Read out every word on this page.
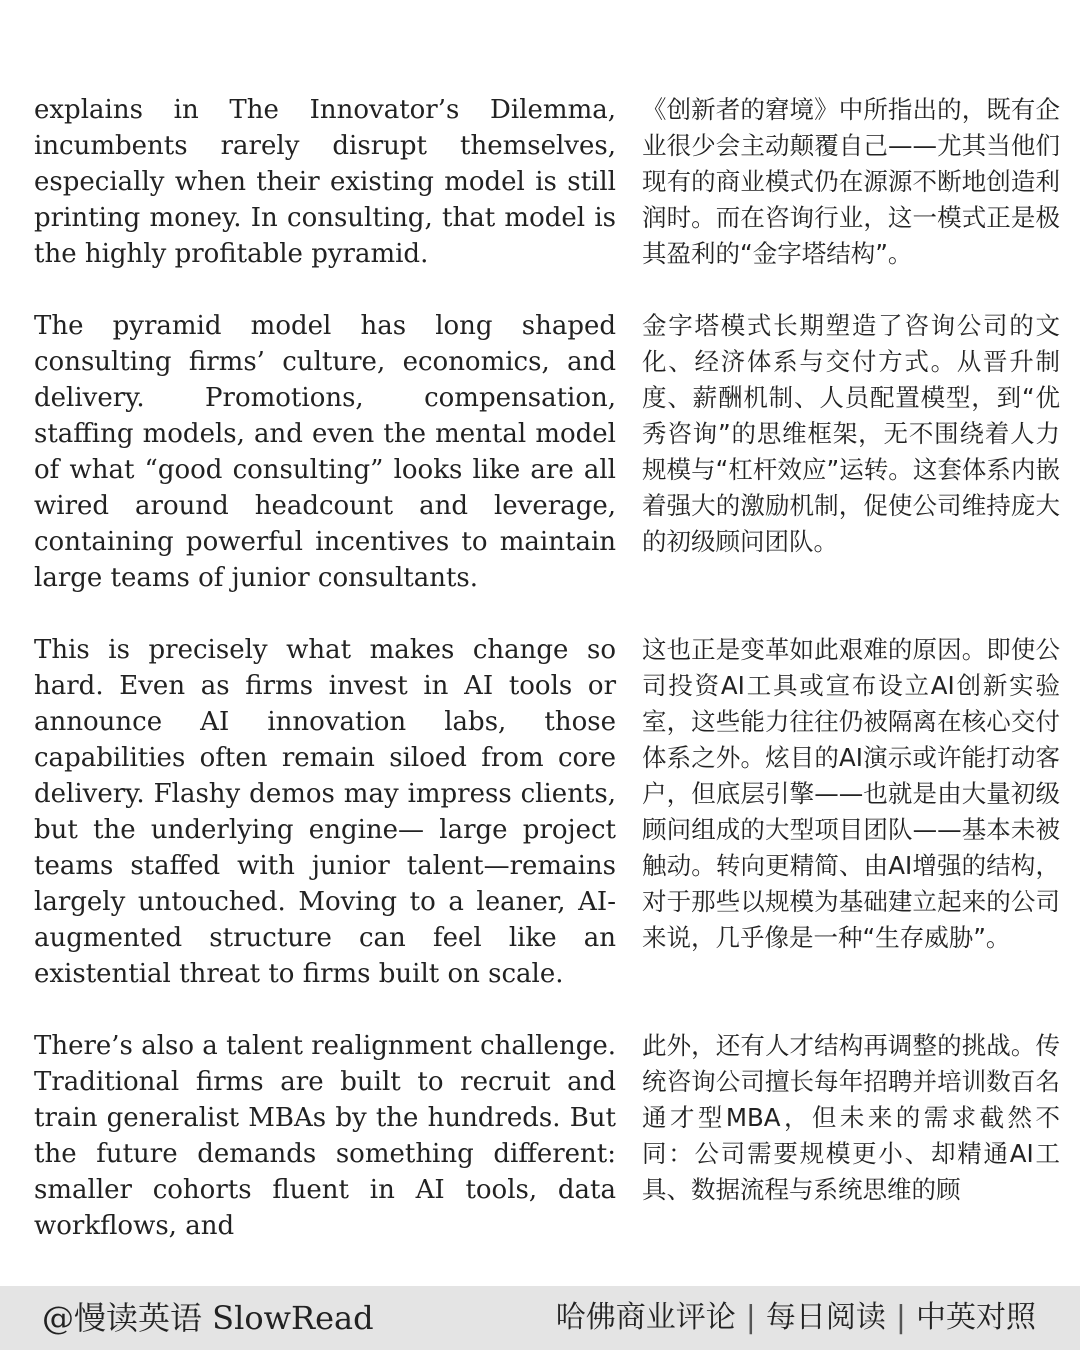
explains in The Innovator’s Dilemma, incumbents rarely disrupt themselves, especially when their existing model is still printing money. In consulting, that model is the highly profitable pyramid.

The pyramid model has long shaped consulting firms’ culture, economics, and delivery. Promotions, compensation, staffing models, and even the mental model of what “good consulting” looks like are all wired around headcount and leverage, containing powerful incentives to maintain large teams of junior consultants.

This is precisely what makes change so hard. Even as firms invest in AI tools or announce AI innovation labs, those capabilities often remain siloed from core delivery. Flashy demos may impress clients, but the underlying engine— large project teams staffed with junior talent—remains largely untouched. Moving to a leaner, AI-augmented structure can feel like an existential threat to firms built on scale.

There’s also a talent realignment challenge. Traditional firms are built to recruit and train generalist MBAs by the hundreds. But the future demands something different: smaller cohorts fluent in AI tools, data workflows, and

《创新者的窘境》中所指出的，既有企业很少会主动颠覆自己——尤其当他们现有的商业模式仍在源源不断地创造利润时。而在咨询行业，这一模式正是极其盈利的“金字塔结构”。

金字塔模式长期塑造了咨询公司的文化、经济体系与交付方式。从晋升制度、薪酬机制、人员配置模型，到“优秀咨询”的思维框架，无不围绕着人力规模与“杠杆效应”运转。这套体系内嵌着强大的激励机制，促使公司维持庞大的初级顾问团队。

这也正是变革如此艰难的原因。即使公司投资AI工具或宣布设立AI创新实验室，这些能力往往仍被隔离在核心交付体系之外。炫目的AI演示或许能打动客户，但底层引擎——也就是由大量初级顾问组成的大型项目团队——基本未被触动。转向更精简、由AI增强的结构，对于那些以规模为基础建立起来的公司来说，几乎像是一种“生存威胁”。

此外，还有人才结构再调整的挑战。传统咨询公司擅长每年招聘并培训数百名通才型MBA，但未来的需求截然不同：公司需要规模更小、却精通AI工具、数据流程与系统思维的顾

@慢读英语 SlowRead	哈佛商业评论 | 每日阅读 | 中英对照
